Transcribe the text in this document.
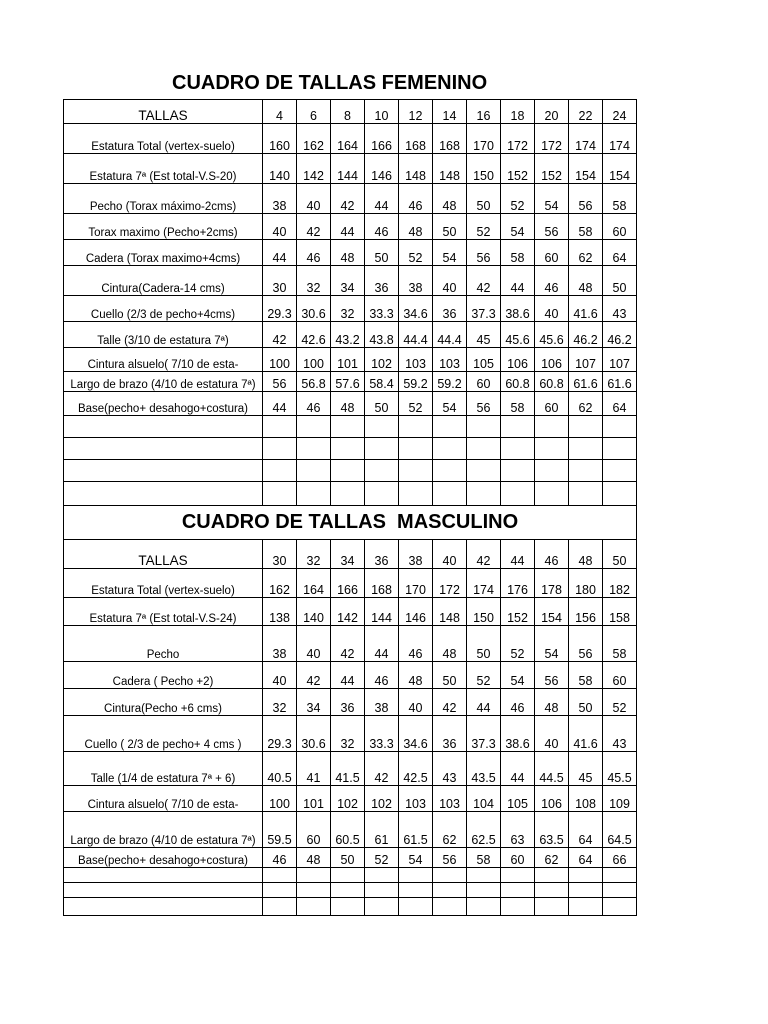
CUADRO DE TALLAS FEMENINO
TALLAS	4	6	8	10	12	14	16	18	20	22	24
Estatura Total (vertex-suelo)	160	162	164	166	168	168	170	172	172	174	174
Estatura 7ª (Est total-V.S-20)	140	142	144	146	148	148	150	152	152	154	154
Pecho (Torax máximo-2cms)	38	40	42	44	46	48	50	52	54	56	58
Torax maximo (Pecho+2cms)	40	42	44	46	48	50	52	54	56	58	60
Cadera (Torax maximo+4cms)	44	46	48	50	52	54	56	58	60	62	64
Cintura(Cadera-14 cms)	30	32	34	36	38	40	42	44	46	48	50
Cuello (2/3 de pecho+4cms)	29.3	30.6	32	33.3	34.6	36	37.3	38.6	40	41.6	43
Talle (3/10 de estatura 7ª)	42	42.6	43.2	43.8	44.4	44.4	45	45.6	45.6	46.2	46.2
Cintura alsuelo( 7/10 de esta-	100	100	101	102	103	103	105	106	106	107	107
Largo de brazo (4/10 de estatura 7ª)	56	56.8	57.6	58.4	59.2	59.2	60	60.8	60.8	61.6	61.6
Base(pecho+ desahogo+costura)	44	46	48	50	52	54	56	58	60	62	64

CUADRO DE TALLAS  MASCULINO											
TALLAS	30	32	34	36	38	40	42	44	46	48	50
Estatura Total (vertex-suelo)	162	164	166	168	170	172	174	176	178	180	182
Estatura 7ª (Est total-V.S-24)	138	140	142	144	146	148	150	152	154	156	158
Pecho	38	40	42	44	46	48	50	52	54	56	58
Cadera ( Pecho +2)	40	42	44	46	48	50	52	54	56	58	60
Cintura(Pecho +6 cms)	32	34	36	38	40	42	44	46	48	50	52
Cuello ( 2/3 de pecho+ 4 cms )	29.3	30.6	32	33.3	34.6	36	37.3	38.6	40	41.6	43
Talle (1/4 de estatura 7ª + 6)	40.5	41	41.5	42	42.5	43	43.5	44	44.5	45	45.5
Cintura alsuelo( 7/10 de esta-	100	101	102	102	103	103	104	105	106	108	109
Largo de brazo (4/10 de estatura 7ª)	59.5	60	60.5	61	61.5	62	62.5	63	63.5	64	64.5
Base(pecho+ desahogo+costura)	46	48	50	52	54	56	58	60	62	64	66
